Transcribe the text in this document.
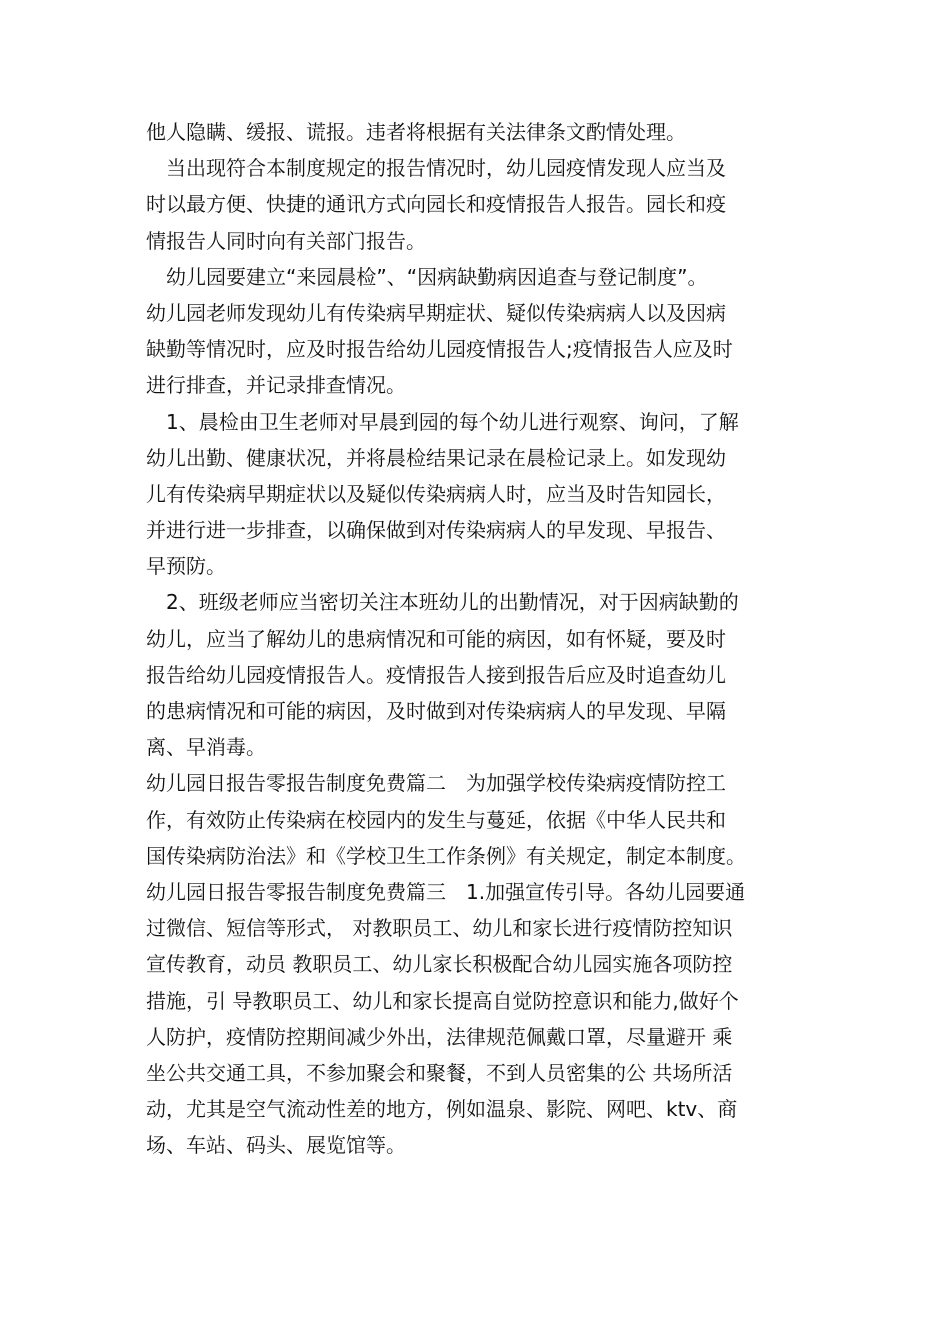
他人隐瞒、缓报、谎报。违者将根据有关法律条文酌情处理。
　当出现符合本制度规定的报告情况时，幼儿园疫情发现人应当及
时以最方便、快捷的通讯方式向园长和疫情报告人报告。园长和疫
情报告人同时向有关部门报告。
　幼儿园要建立“来园晨检”、“因病缺勤病因追查与登记制度”。
幼儿园老师发现幼儿有传染病早期症状、疑似传染病病人以及因病
缺勤等情况时，应及时报告给幼儿园疫情报告人;疫情报告人应及时
进行排查，并记录排查情况。
　1、晨检由卫生老师对早晨到园的每个幼儿进行观察、询问，了解
幼儿出勤、健康状况，并将晨检结果记录在晨检记录上。如发现幼
儿有传染病早期症状以及疑似传染病病人时，应当及时告知园长，
并进行进一步排查，以确保做到对传染病病人的早发现、早报告、
早预防。
　2、班级老师应当密切关注本班幼儿的出勤情况，对于因病缺勤的
幼儿，应当了解幼儿的患病情况和可能的病因，如有怀疑，要及时
报告给幼儿园疫情报告人。疫情报告人接到报告后应及时追查幼儿
的患病情况和可能的病因，及时做到对传染病病人的早发现、早隔
离、早消毒。
幼儿园日报告零报告制度免费篇二　为加强学校传染病疫情防控工
作，有效防止传染病在校园内的发生与蔓延，依据《中华人民共和
国传染病防治法》和《学校卫生工作条例》有关规定，制定本制度。
幼儿园日报告零报告制度免费篇三　1.加强宣传引导。各幼儿园要通
过微信、短信等形式， 对教职员工、幼儿和家长进行疫情防控知识
宣传教育，动员 教职员工、幼儿家长积极配合幼儿园实施各项防控
措施，引 导教职员工、幼儿和家长提高自觉防控意识和能力,做好个
人防护，疫情防控期间减少外出，法律规范佩戴口罩，尽量避开 乘
坐公共交通工具，不参加聚会和聚餐，不到人员密集的公 共场所活
动，尤其是空气流动性差的地方，例如温泉、影院、网吧、ktv、商
场、车站、码头、展览馆等。
